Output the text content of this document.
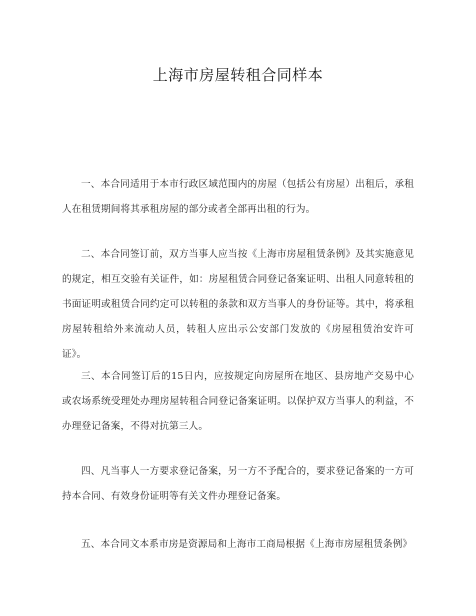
上海市房屋转租合同样本

一、本合同适用于本市行政区域范围内的房屋（包括公有房屋）出租后，承租人在租赁期间将其承租房屋的部分或者全部再出租的行为。

二、本合同签订前，双方当事人应当按《上海市房屋租赁条例》及其实施意见的规定，相互交验有关证件，如：房屋租赁合同登记备案证明、出租人同意转租的书面证明或租赁合同约定可以转租的条款和双方当事人的身份证等。其中，将承租房屋转租给外来流动人员，转租人应出示公安部门发放的《房屋租赁治安许可证》。

三、本合同签订后的15日内，应按规定向房屋所在地区、县房地产交易中心或农场系统受理处办理房屋转租合同登记备案证明。以保护双方当事人的利益，不办理登记备案，不得对抗第三人。

四、凡当事人一方要求登记备案，另一方不予配合的，要求登记备案的一方可持本合同、有效身份证明等有关文件办理登记备案。

五、本合同文本系市房是资源局和上海市工商局根据《上海市房屋租赁条例》
